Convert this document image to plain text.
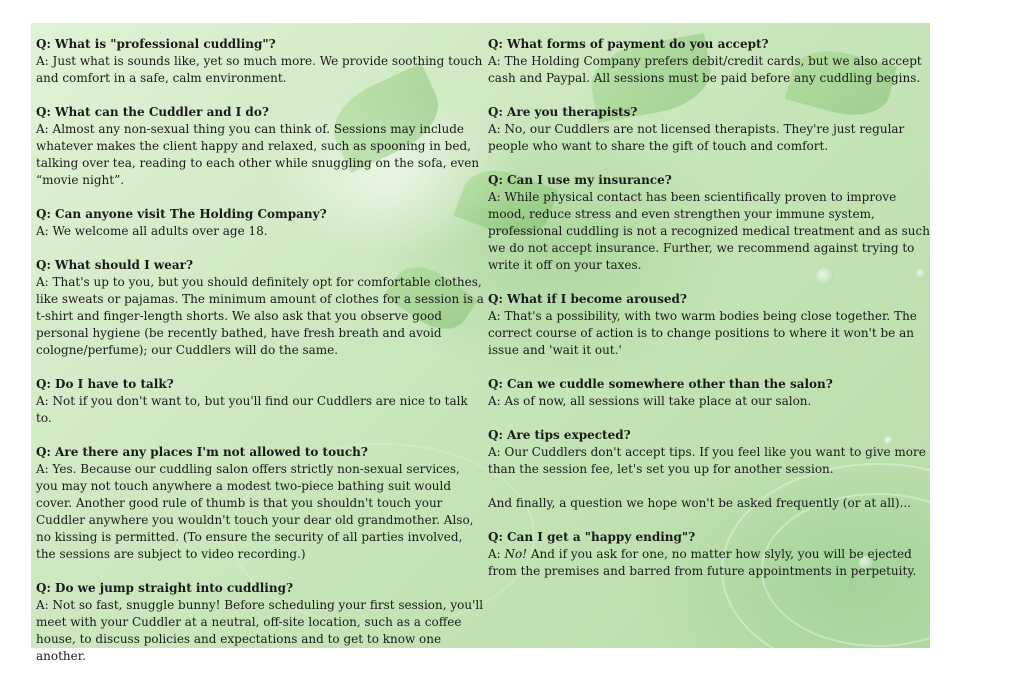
Q: What is "professional cuddling"?
A: Just what is sounds like, yet so much more. We provide soothing touch and comfort in a safe, calm environment.
Q: What can the Cuddler and I do?
A: Almost any non-sexual thing you can think of. Sessions may include whatever makes the client happy and relaxed, such as spooning in bed, talking over tea, reading to each other while snuggling on the sofa, even “movie night”.
Q: Can anyone visit The Holding Company?
A: We welcome all adults over age 18.
Q: What should I wear?
A: That's up to you, but you should definitely opt for comfortable clothes, like sweats or pajamas. The minimum amount of clothes for a session is a t-shirt and finger-length shorts. We also ask that you observe good personal hygiene (be recently bathed, have fresh breath and avoid cologne/perfume); our Cuddlers will do the same.
Q: Do I have to talk?
A: Not if you don't want to, but you'll find our Cuddlers are nice to talk to.
Q: Are there any places I'm not allowed to touch?
A: Yes. Because our cuddling salon offers strictly non-sexual services, you may not touch anywhere a modest two-piece bathing suit would cover. Another good rule of thumb is that you shouldn't touch your Cuddler anywhere you wouldn't touch your dear old grandmother. Also, no kissing is permitted. (To ensure the security of all parties involved, the sessions are subject to video recording.)
Q: Do we jump straight into cuddling?
A: Not so fast, snuggle bunny! Before scheduling your first session, you'll meet with your Cuddler at a neutral, off-site location, such as a coffee house, to discuss policies and expectations and to get to know one another.
Q: What forms of payment do you accept?
A: The Holding Company prefers debit/credit cards, but we also accept cash and Paypal. All sessions must be paid before any cuddling begins.
Q: Are you therapists?
A: No, our Cuddlers are not licensed therapists. They're just regular people who want to share the gift of touch and comfort.
Q: Can I use my insurance?
A: While physical contact has been scientifically proven to improve mood, reduce stress and even strengthen your immune system, professional cuddling is not a recognized medical treatment and as such we do not accept insurance. Further, we recommend against trying to write it off on your taxes.
Q: What if I become aroused?
A: That's a possibility, with two warm bodies being close together. The correct course of action is to change positions to where it won't be an issue and 'wait it out.'
Q: Can we cuddle somewhere other than the salon?
A: As of now, all sessions will take place at our salon.
Q: Are tips expected?
A: Our Cuddlers don't accept tips. If you feel like you want to give more than the session fee, let's set you up for another session.
And finally, a question we hope won't be asked frequently (or at all)...
Q: Can I get a "happy ending"?
A: No! And if you ask for one, no matter how slyly, you will be ejected from the premises and barred from future appointments in perpetuity.
